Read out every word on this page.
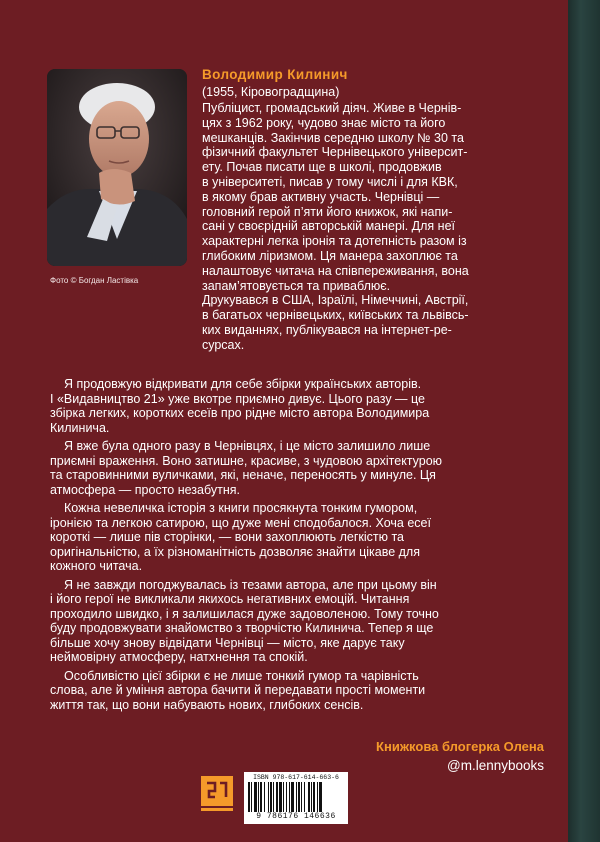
Фото © Богдан Ластівка
Володимир Килинич
(1955, Кіровоградщина)
Публіцист, громадський діяч. Живе в Чернів-
цях з 1962 року, чудово знає місто та його
мешканців. Закінчив середню школу № 30 та
фізичний факультет Чернівецького університ-
ету. Почав писати ще в школі, продовжив
в університеті, писав у тому числі і для КВК,
в якому брав активну участь. Чернівці —
головний герой п’яти його книжок, які напи-
сані у своєрідній авторській манері. Для неї
характерні легка іронія та дотепність разом із
глибоким ліризмом. Ця манера захоплює та
налаштовує читача на співпереживання, вона
запам’ятовується та приваблює.
Друкувався в США, Ізраїлі, Німеччині, Австрії,
в багатьох чернівецьких, київських та львівсь-
ких виданнях, публікувався на інтернет-ре-
сурсах.
Я продовжую відкривати для себе збірки українських авторів.
І «Видавництво 21» уже вкотре приємно дивує. Цього разу — це
збірка легких, коротких есеїв про рідне місто автора Володимира
Килинича.
Я вже була одного разу в Чернівцях, і це місто залишило лише
приємні враження. Воно затишне, красиве, з чудовою архітектурою
та старовинними вуличками, які, неначе, переносять у минуле. Ця
атмосфера — просто незабутня.
Кожна невеличка історія з книги просякнута тонким гумором,
іронією та легкою сатирою, що дуже мені сподобалося. Хоча есеї
короткі — лише пів сторінки, — вони захоплюють легкістю та
оригінальністю, а їх різноманітність дозволяє знайти цікаве для
кожного читача.
Я не завжди погоджувалась із тезами автора, але при цьому він
і його герої не викликали якихось негативних емоцій. Читання
проходило швидко, і я залишилася дуже задоволеною. Тому точно
буду продовжувати знайомство з творчістю Килинича. Тепер я ще
більше хочу знову відвідати Чернівці — місто, яке дарує таку
неймовірну атмосферу, натхнення та спокій.
Особливістю цієї збірки є не лише тонкий гумор та чарівність
слова, але й уміння автора бачити й передавати прості моменти
життя так, що вони набувають нових, глибоких сенсів.
Книжкова блогерка Олена
@m.lennybooks
ISBN 978-617-614-663-6
9 786176 146636
